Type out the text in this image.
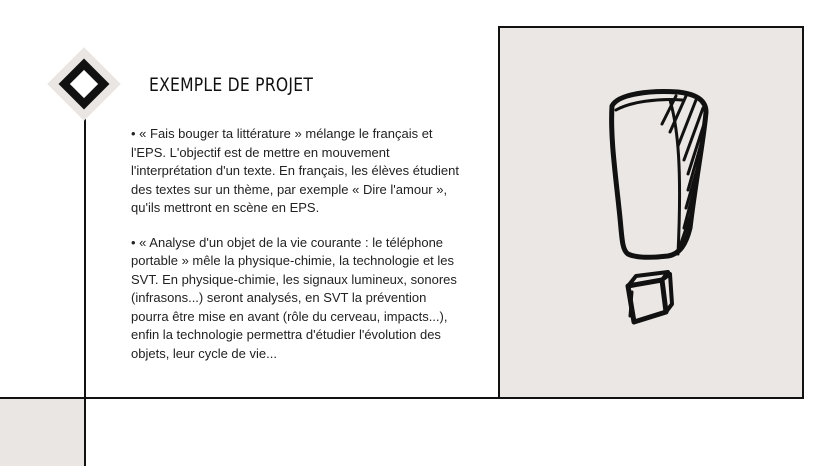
EXEMPLE DE PROJET

• « Fais bouger ta littérature » mélange le français et l'EPS. L'objectif est de mettre en mouvement l'interprétation d'un texte. En français, les élèves étudient des textes sur un thème, par exemple « Dire l'amour », qu'ils mettront en scène en EPS.

• « Analyse d'un objet de la vie courante : le téléphone portable » mêle la physique-chimie, la technologie et les SVT. En physique-chimie, les signaux lumineux, sonores (infrasons...) seront analysés, en SVT la prévention pourra être mise en avant (rôle du cerveau, impacts...), enfin la technologie permettra d'étudier l'évolution des objets, leur cycle de vie...
